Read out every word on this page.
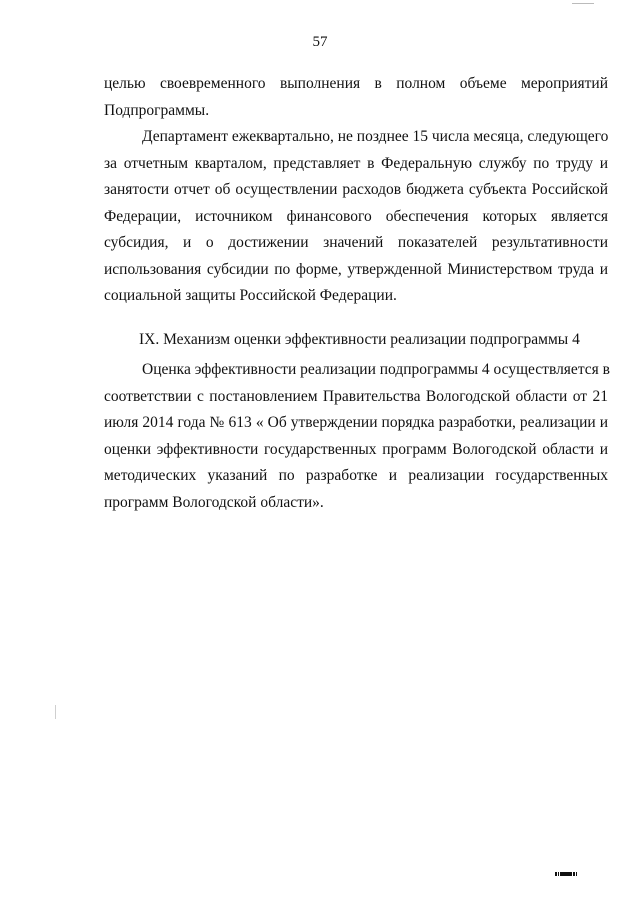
57
целью своевременного выполнения в полном объеме мероприятий
Подпрограммы.
Департамент ежеквартально, не позднее 15 числа месяца, следующего
за отчетным кварталом, представляет в Федеральную службу по труду и
занятости отчет об осуществлении расходов бюджета субъекта Российской
Федерации, источником финансового обеспечения которых является
субсидия, и о достижении значений показателей результативности
использования субсидии по форме, утвержденной Министерством труда и
социальной защиты Российской Федерации.
IX. Механизм оценки эффективности реализации подпрограммы 4
Оценка эффективности реализации подпрограммы 4 осуществляется в
соответствии с постановлением Правительства Вологодской области от 21
июля 2014 года № 613 « Об утверждении порядка разработки, реализации и
оценки эффективности государственных программ Вологодской области и
методических указаний по разработке и реализации государственных
программ Вологодской области».
